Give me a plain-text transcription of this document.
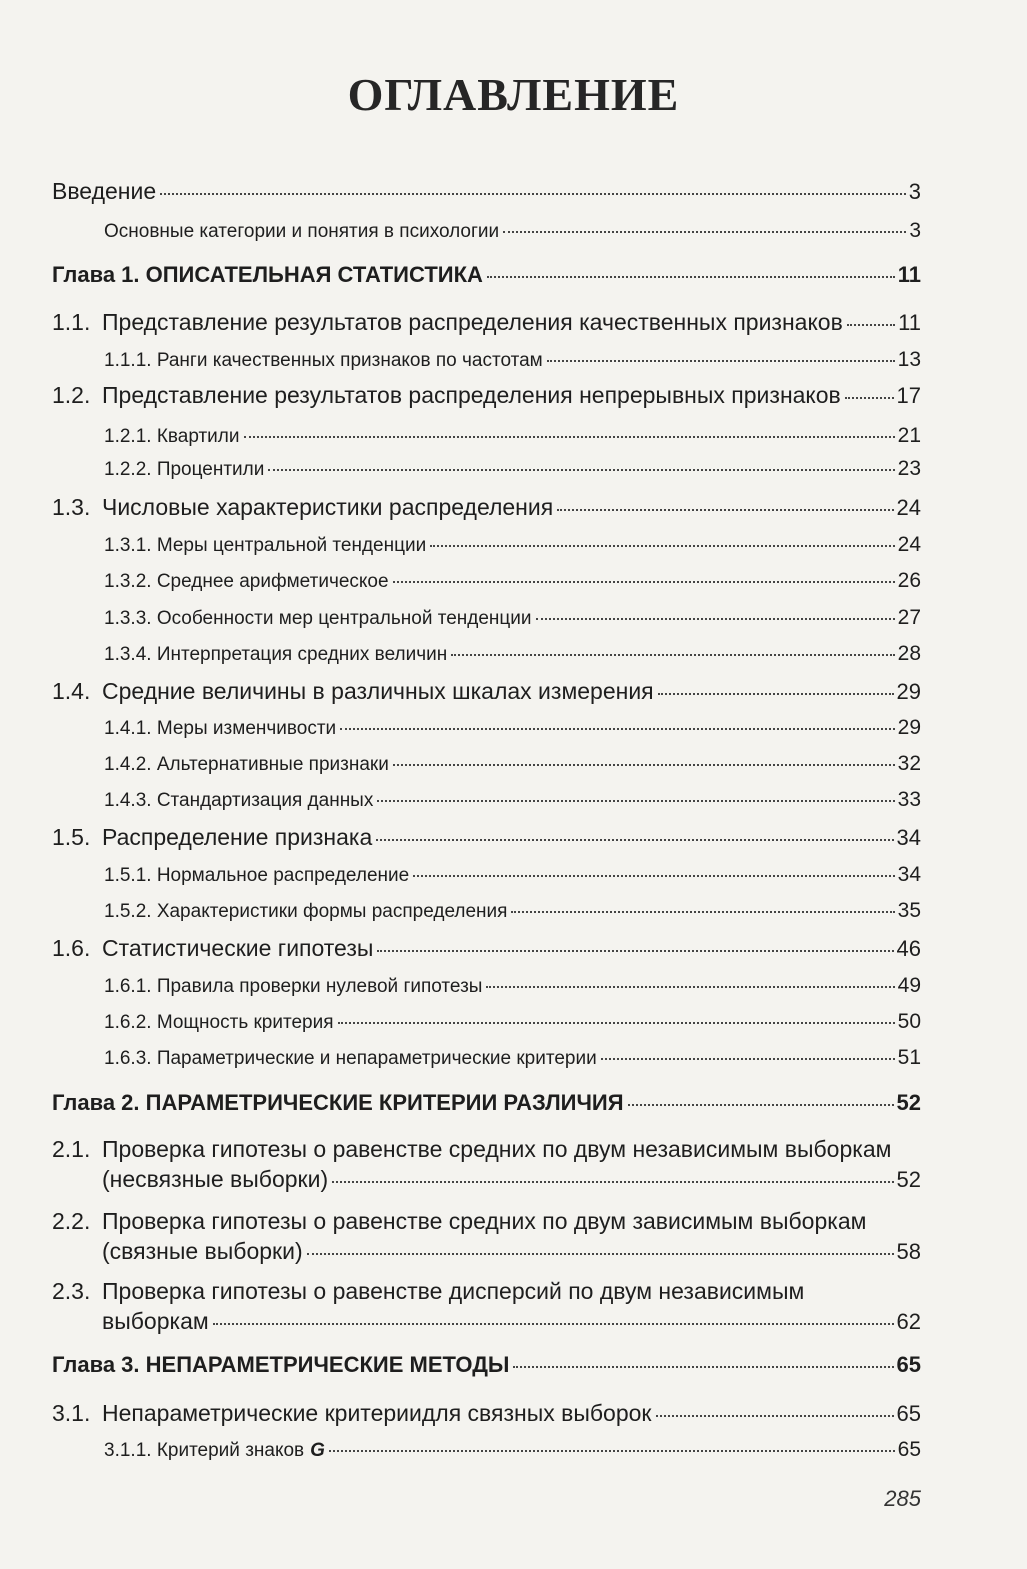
ОГЛАВЛЕНИЕ
Введение	3
Основные категории и понятия в психологии	3
Глава 1. ОПИСАТЕЛЬНАЯ СТАТИСТИКА	11
1.1. Представление результатов распределения качественных признаков	11
1.1.1. Ранги качественных признаков по частотам	13
1.2. Представление результатов распределения непрерывных признаков	17
1.2.1. Квартили	21
1.2.2. Процентили	23
1.3. Числовые характеристики распределения	24
1.3.1. Меры центральной тенденции	24
1.3.2. Среднее арифметическое	26
1.3.3. Особенности мер центральной тенденции	27
1.3.4. Интерпретация средних величин	28
1.4. Средние величины в различных шкалах измерения	29
1.4.1. Меры изменчивости	29
1.4.2. Альтернативные признаки	32
1.4.3. Стандартизация данных	33
1.5. Распределение признака	34
1.5.1. Нормальное распределение	34
1.5.2. Характеристики формы распределения	35
1.6. Статистические гипотезы	46
1.6.1. Правила проверки нулевой гипотезы	49
1.6.2. Мощность критерия	50
1.6.3. Параметрические и непараметрические критерии	51
Глава 2. ПАРАМЕТРИЧЕСКИЕ КРИТЕРИИ РАЗЛИЧИЯ	52
2.1. Проверка гипотезы о равенстве средних по двум независимым выборкам
(несвязные выборки)	52
2.2. Проверка гипотезы о равенстве средних по двум зависимым выборкам
(связные выборки)	58
2.3. Проверка гипотезы о равенстве дисперсий по двум независимым
выборкам	62
Глава 3. НЕПАРАМЕТРИЧЕСКИЕ МЕТОДЫ	65
3.1. Непараметрические критериидля связных выборок	65
3.1.1. Критерий знаков G	65
285
